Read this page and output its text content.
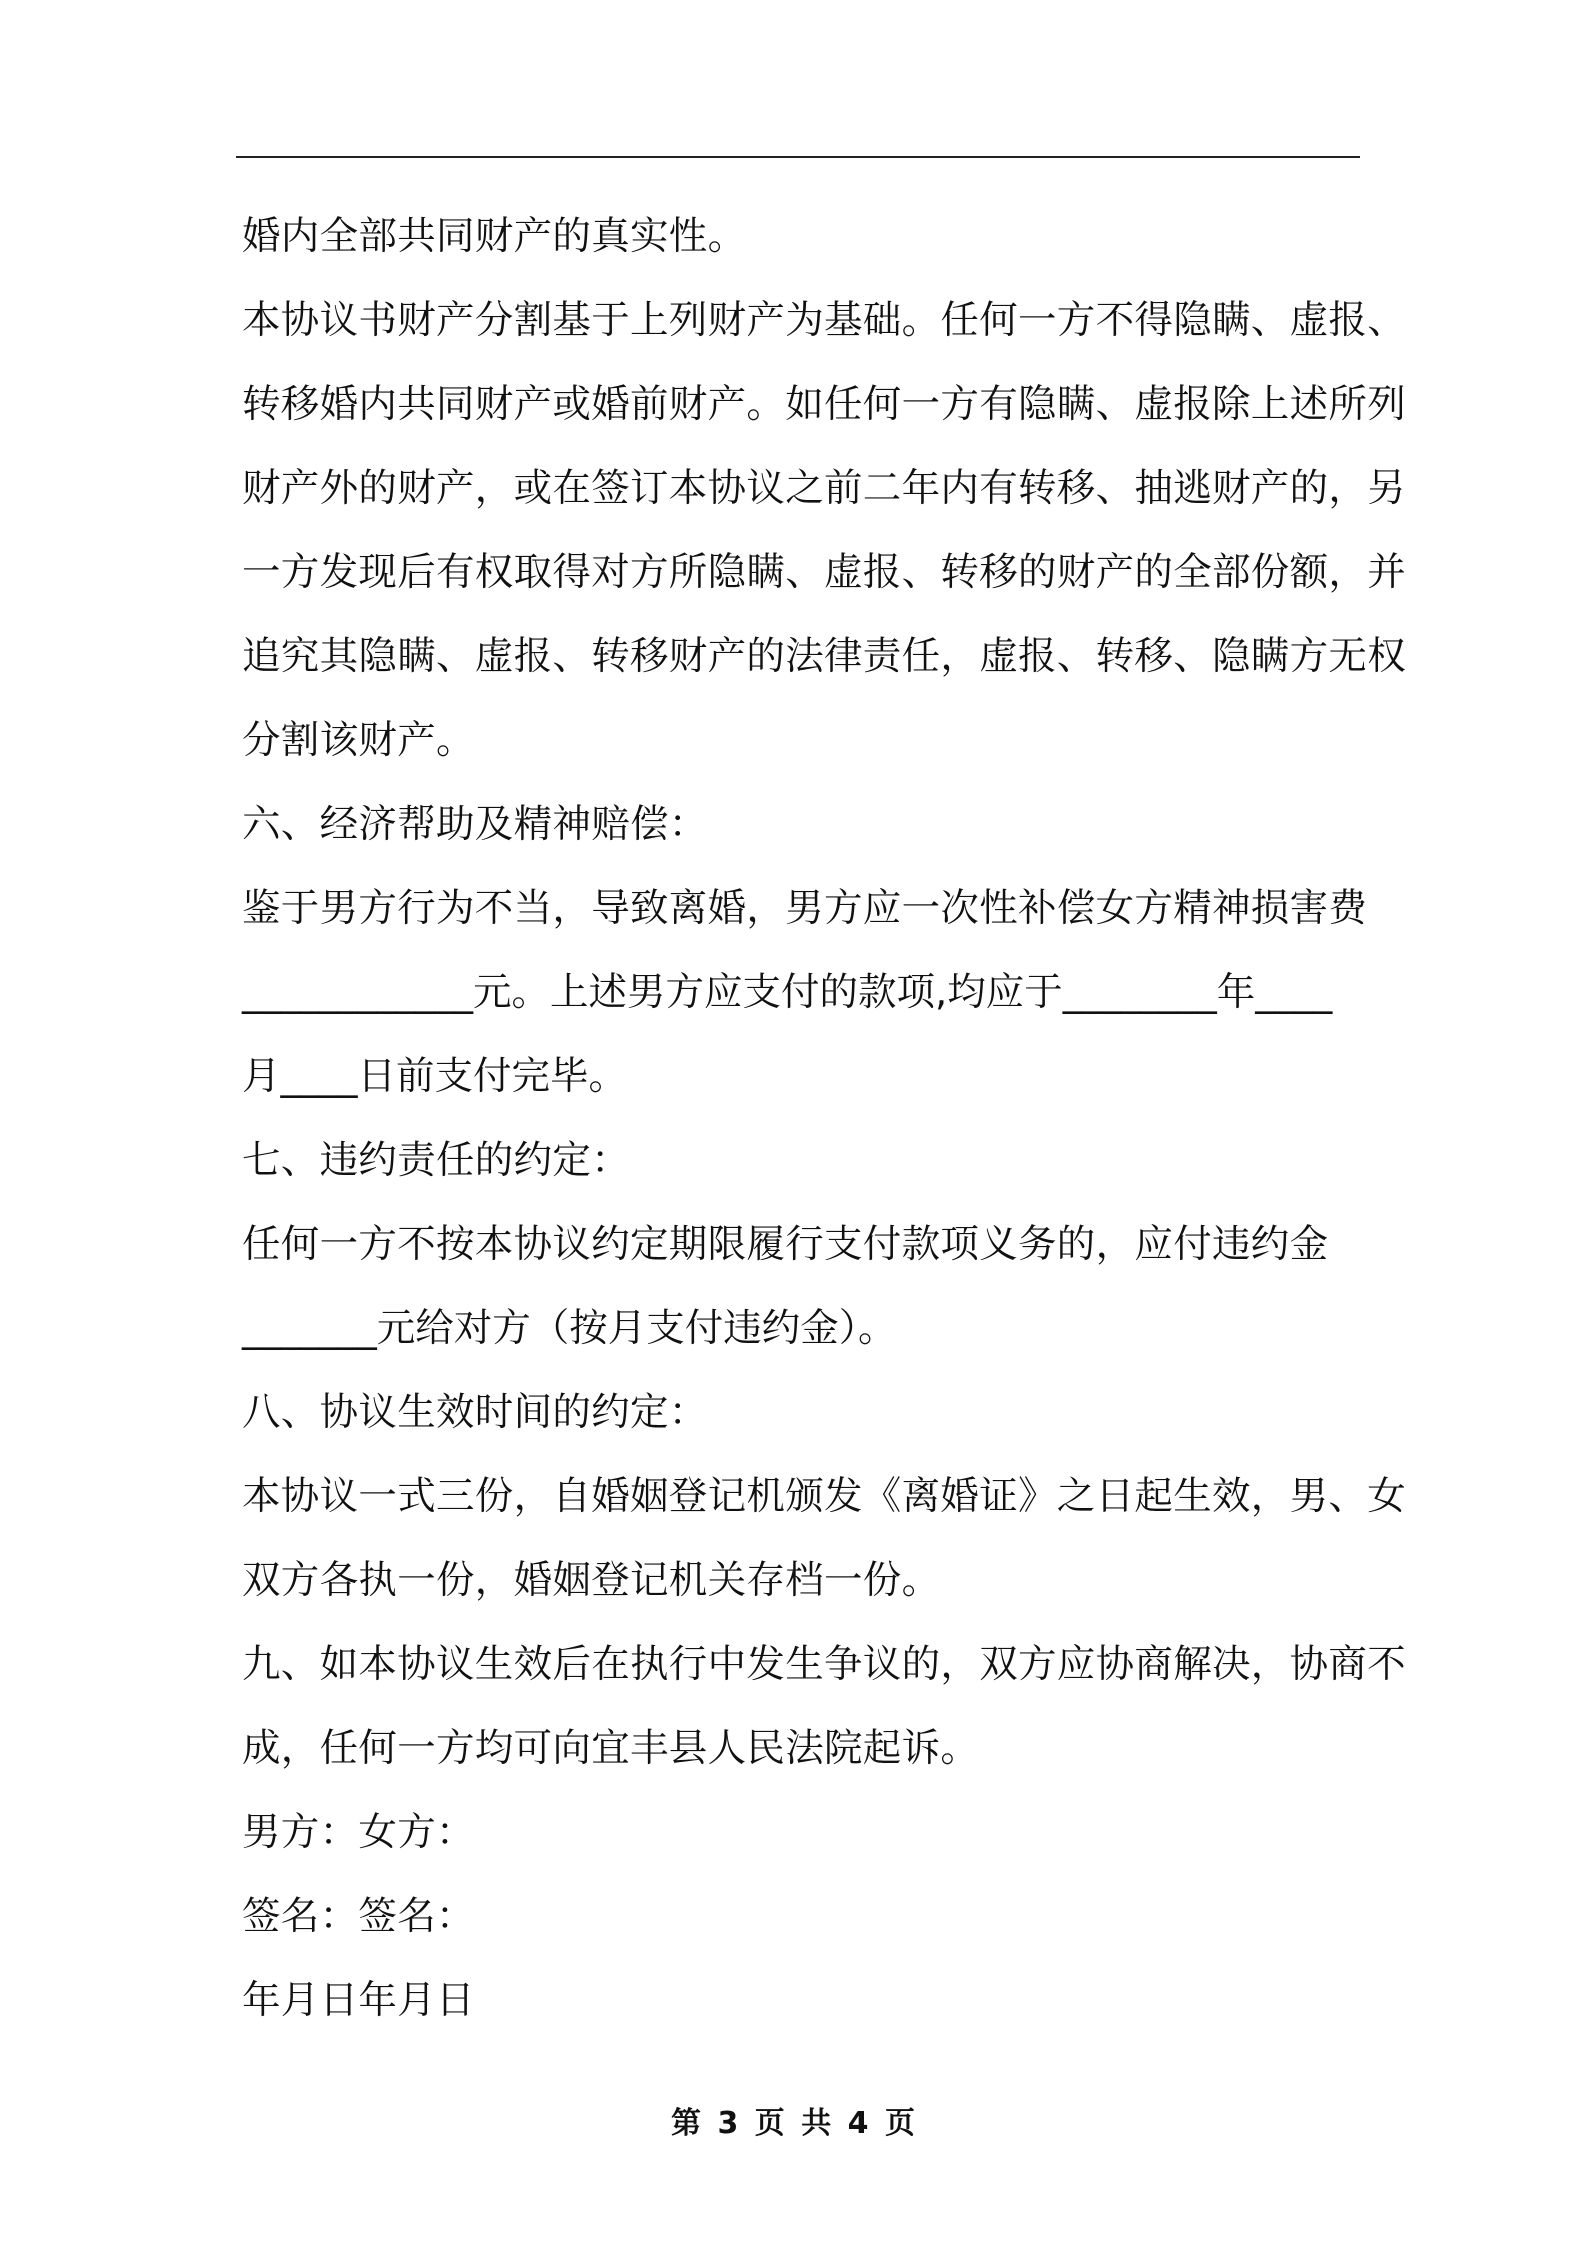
婚内全部共同财产的真实性。
本协议书财产分割基于上列财产为基础。任何一方不得隐瞒、虚报、
转移婚内共同财产或婚前财产。如任何一方有隐瞒、虚报除上述所列
财产外的财产，或在签订本协议之前二年内有转移、抽逃财产的，另
一方发现后有权取得对方所隐瞒、虚报、转移的财产的全部份额，并
追究其隐瞒、虚报、转移财产的法律责任，虚报、转移、隐瞒方无权
分割该财产。
六、经济帮助及精神赔偿：
鉴于男方行为不当，导致离婚，男方应一次性补偿女方精神损害费
____________元。上述男方应支付的款项,均应于________年____
月____日前支付完毕。
七、违约责任的约定：
任何一方不按本协议约定期限履行支付款项义务的，应付违约金
_______元给对方（按月支付违约金）。
八、协议生效时间的约定：
本协议一式三份，自婚姻登记机颁发《离婚证》之日起生效，男、女
双方各执一份，婚姻登记机关存档一份。
九、如本协议生效后在执行中发生争议的，双方应协商解决，协商不
成，任何一方均可向宜丰县人民法院起诉。
男方：女方：
签名：签名：
年月日年月日
第 3 页 共 4 页
